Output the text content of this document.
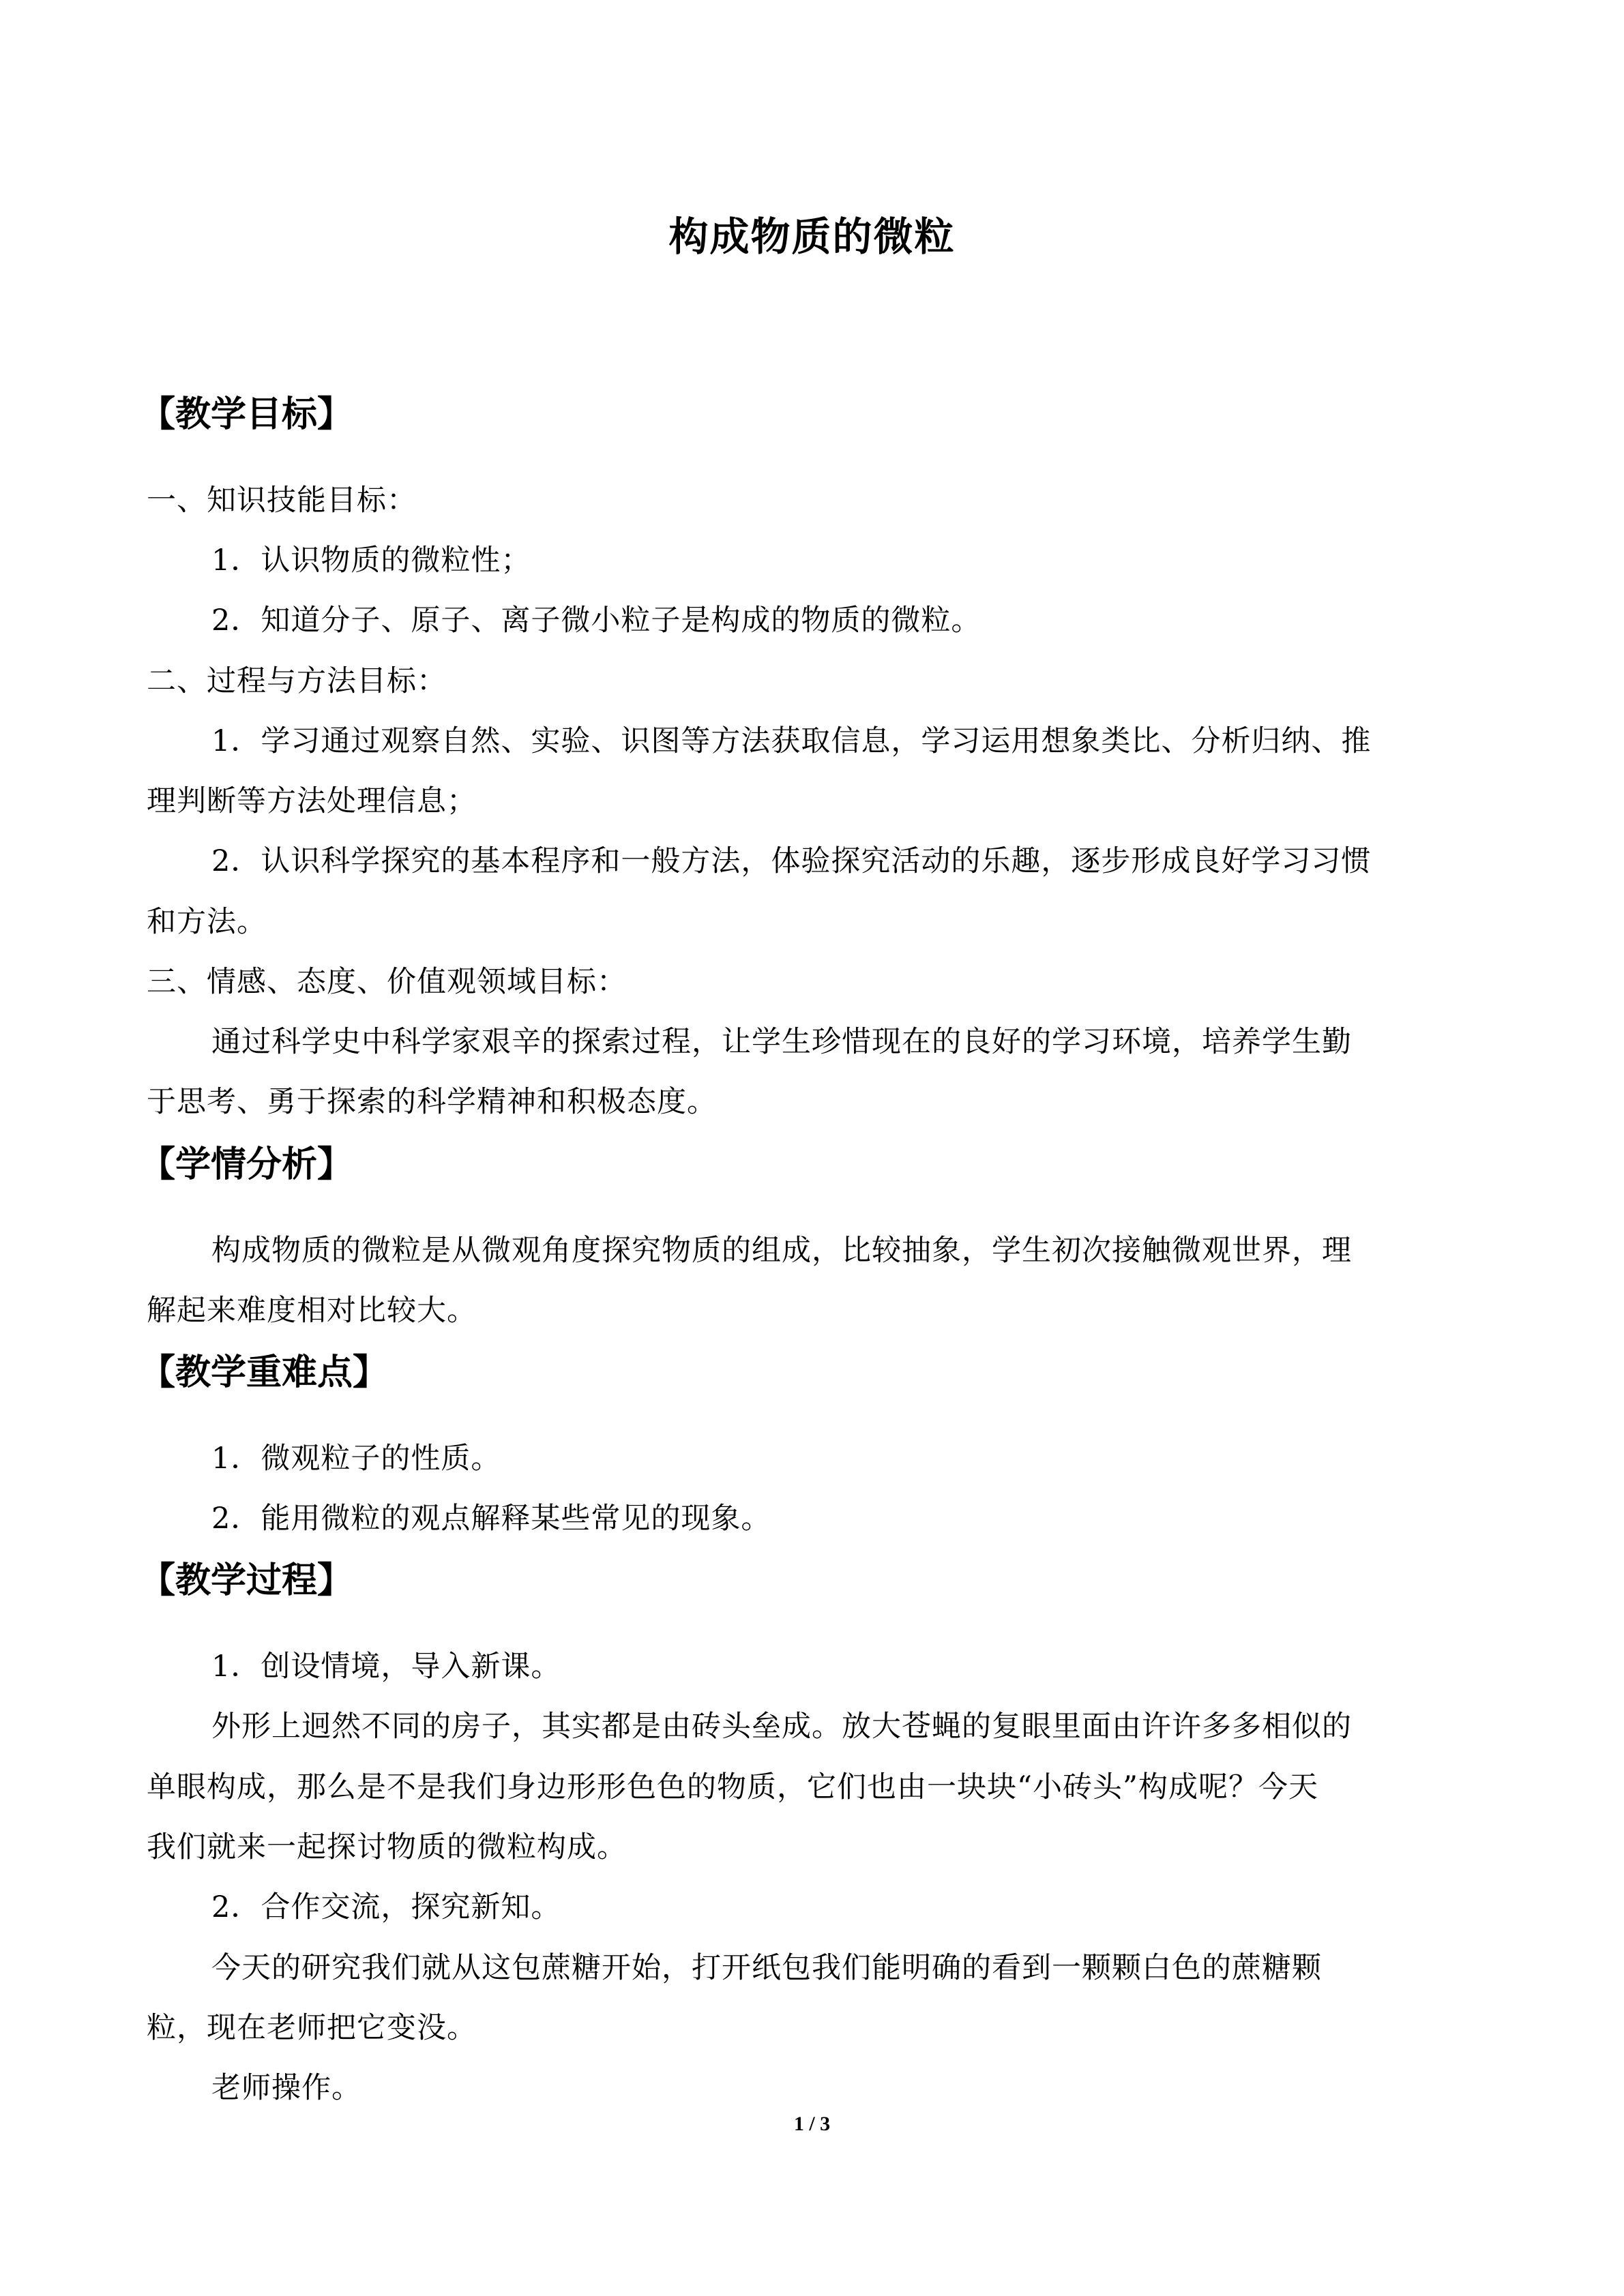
构成物质的微粒
【教学目标】
一、知识技能目标：
1．认识物质的微粒性；
2．知道分子、原子、离子微小粒子是构成的物质的微粒。
二、过程与方法目标：
1．学习通过观察自然、实验、识图等方法获取信息，学习运用想象类比、分析归纳、推
理判断等方法处理信息；
2．认识科学探究的基本程序和一般方法，体验探究活动的乐趣，逐步形成良好学习习惯
和方法。
三、情感、态度、价值观领域目标：
通过科学史中科学家艰辛的探索过程，让学生珍惜现在的良好的学习环境，培养学生勤
于思考、勇于探索的科学精神和积极态度。
【学情分析】
构成物质的微粒是从微观角度探究物质的组成，比较抽象，学生初次接触微观世界，理
解起来难度相对比较大。
【教学重难点】
1．微观粒子的性质。
2．能用微粒的观点解释某些常见的现象。
【教学过程】
1．创设情境，导入新课。
外形上迥然不同的房子，其实都是由砖头垒成。放大苍蝇的复眼里面由许许多多相似的
单眼构成，那么是不是我们身边形形色色的物质，它们也由一块块“小砖头”构成呢？今天
我们就来一起探讨物质的微粒构成。
2．合作交流，探究新知。
今天的研究我们就从这包蔗糖开始，打开纸包我们能明确的看到一颗颗白色的蔗糖颗
粒，现在老师把它变没。
老师操作。
1 / 3
